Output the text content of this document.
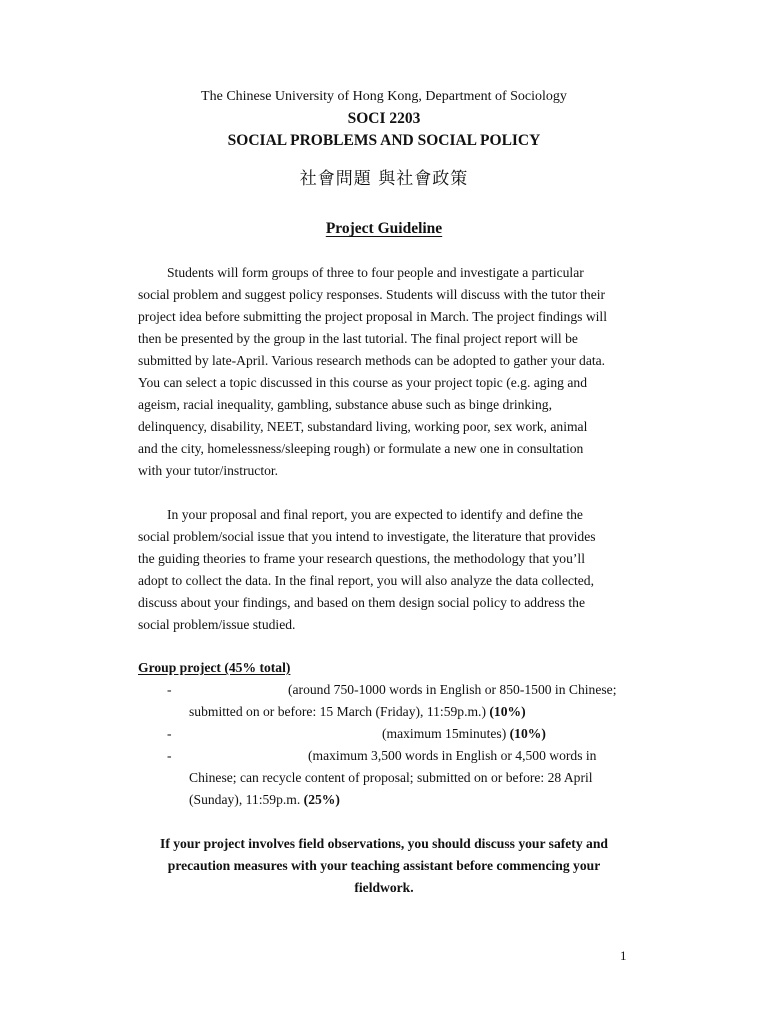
The Chinese University of Hong Kong, Department of Sociology
SOCI 2203
SOCIAL PROBLEMS AND SOCIAL POLICY
社會問題 與社會政策
Project Guideline
Students will form groups of three to four people and investigate a particular
social problem and suggest policy responses. Students will discuss with the tutor their
project idea before submitting the project proposal in March. The project findings will
then be presented by the group in the last tutorial. The final project report will be
submitted by late-April. Various research methods can be adopted to gather your data.
You can select a topic discussed in this course as your project topic (e.g. aging and
ageism, racial inequality, gambling, substance abuse such as binge drinking,
delinquency, disability, NEET, substandard living, working poor, sex work, animal
and the city, homelessness/sleeping rough) or formulate a new one in consultation
with your tutor/instructor.
In your proposal and final report, you are expected to identify and define the
social problem/social issue that you intend to investigate, the literature that provides
the guiding theories to frame your research questions, the methodology that you’ll
adopt to collect the data. In the final report, you will also analyze the data collected,
discuss about your findings, and based on them design social policy to address the
social problem/issue studied.
Group project (45% total)
-	(around 750-1000 words in English or 850-1500 in Chinese;
submitted on or before: 15 March (Friday), 11:59p.m.) (10%)
-	(maximum 15minutes) (10%)
-	(maximum 3,500 words in English or 4,500 words in
Chinese; can recycle content of proposal; submitted on or before: 28 April
(Sunday), 11:59p.m. (25%)
If your project involves field observations, you should discuss your safety and
precaution measures with your teaching assistant before commencing your
fieldwork.
1
